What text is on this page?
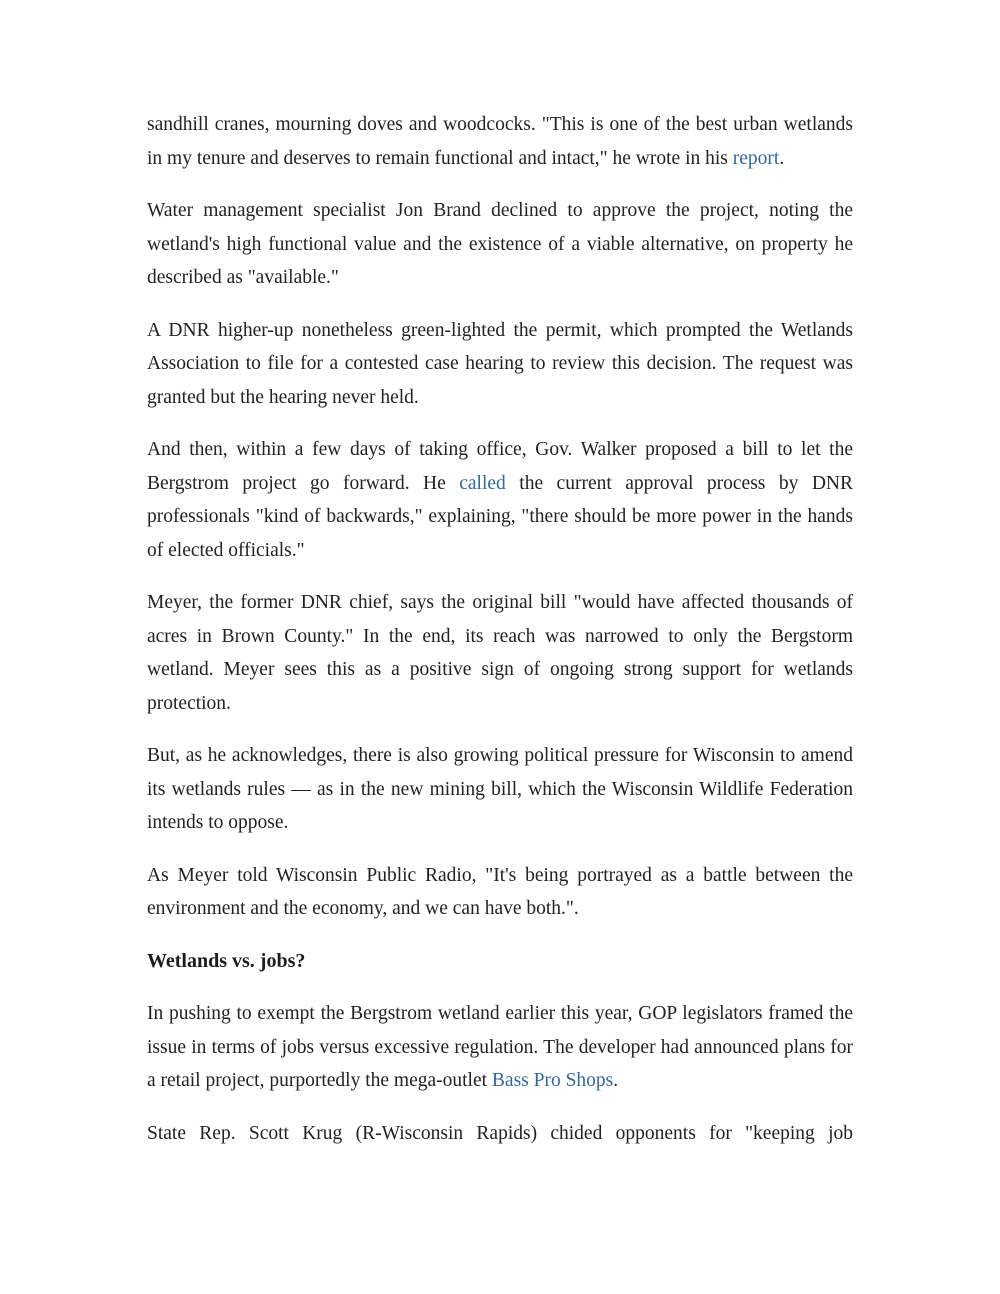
sandhill cranes, mourning doves and woodcocks. "This is one of the best urban wetlands in my tenure and deserves to remain functional and intact," he wrote in his report.

Water management specialist Jon Brand declined to approve the project, noting the wetland's high functional value and the existence of a viable alternative, on property he described as "available."

A DNR higher-up nonetheless green-lighted the permit, which prompted the Wetlands Association to file for a contested case hearing to review this decision. The request was granted but the hearing never held.

And then, within a few days of taking office, Gov. Walker proposed a bill to let the Bergstrom project go forward. He called the current approval process by DNR professionals "kind of backwards," explaining, "there should be more power in the hands of elected officials."

Meyer, the former DNR chief, says the original bill "would have affected thousands of acres in Brown County." In the end, its reach was narrowed to only the Bergstorm wetland. Meyer sees this as a positive sign of ongoing strong support for wetlands protection.

But, as he acknowledges, there is also growing political pressure for Wisconsin to amend its wetlands rules — as in the new mining bill, which the Wisconsin Wildlife Federation intends to oppose.

As Meyer told Wisconsin Public Radio, "It's being portrayed as a battle between the environment and the economy, and we can have both.".

Wetlands vs. jobs?

In pushing to exempt the Bergstrom wetland earlier this year, GOP legislators framed the issue in terms of jobs versus excessive regulation. The developer had announced plans for a retail project, purportedly the mega-outlet Bass Pro Shops.

State Rep. Scott Krug (R-Wisconsin Rapids) chided opponents for "keeping job
